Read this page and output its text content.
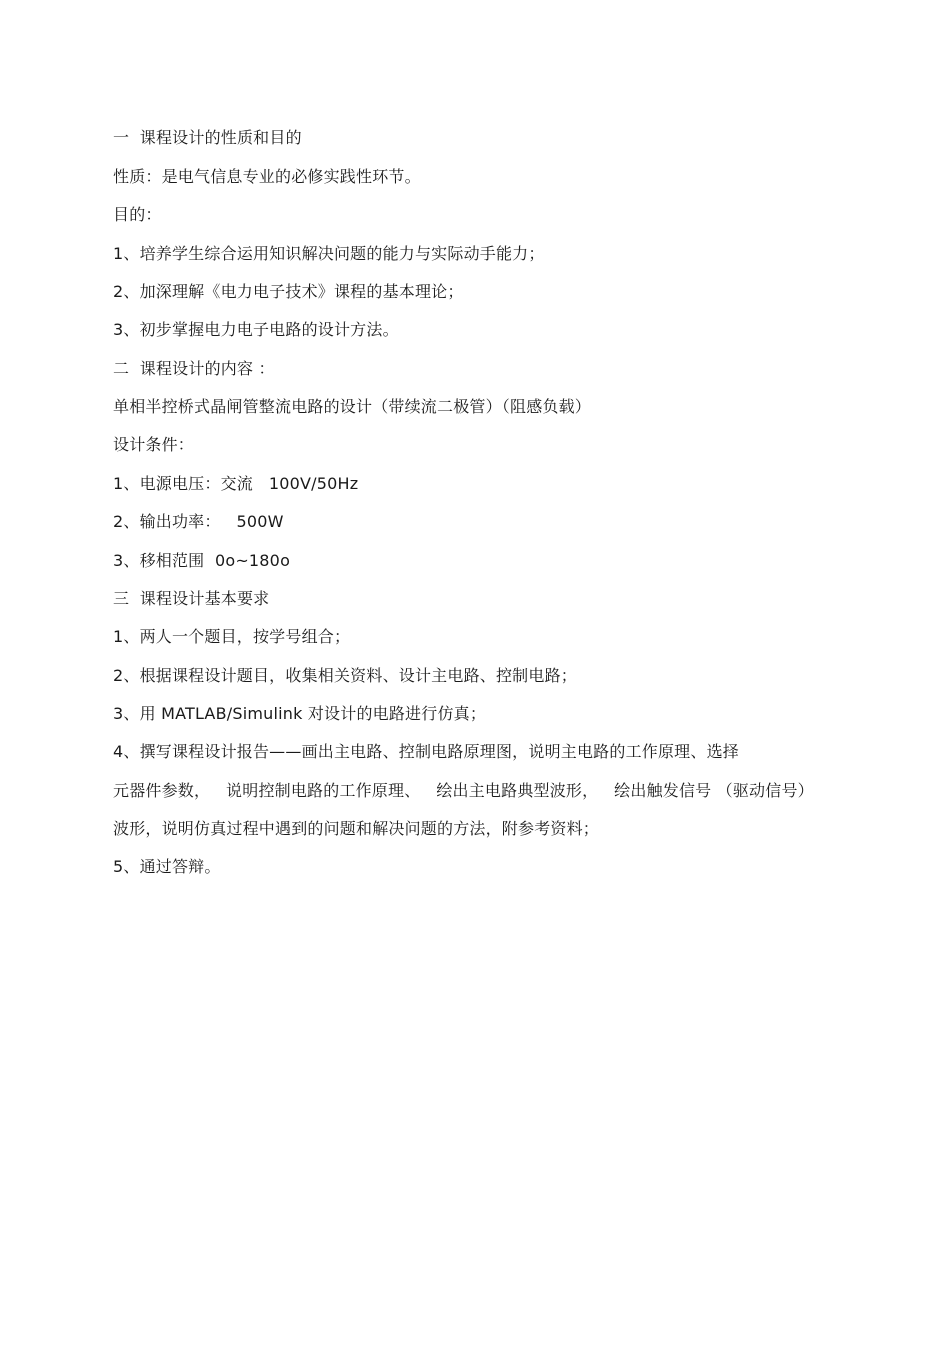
一  课程设计的性质和目的
性质：是电气信息专业的必修实践性环节。
目的：
1、培养学生综合运用知识解决问题的能力与实际动手能力；
2、加深理解《电力电子技术》课程的基本理论；
3、初步掌握电力电子电路的设计方法。
二  课程设计的内容 ：
单相半控桥式晶闸管整流电路的设计（带续流二极管）（阻感负载）
设计条件：
1、电源电压：交流   100V/50Hz
2、输出功率：   500W
3、移相范围  0o~180o
三  课程设计基本要求
1、两人一个题目，按学号组合；
2、根据课程设计题目，收集相关资料、设计主电路、控制电路；
3、用 MATLAB/Simulink 对设计的电路进行仿真；
4、撰写课程设计报告——画出主电路、控制电路原理图，说明主电路的工作原理、选择
元器件参数，   说明控制电路的工作原理、   绘出主电路典型波形，   绘出触发信号 （驱动信号）
波形，说明仿真过程中遇到的问题和解决问题的方法，附参考资料；
5、通过答辩。
